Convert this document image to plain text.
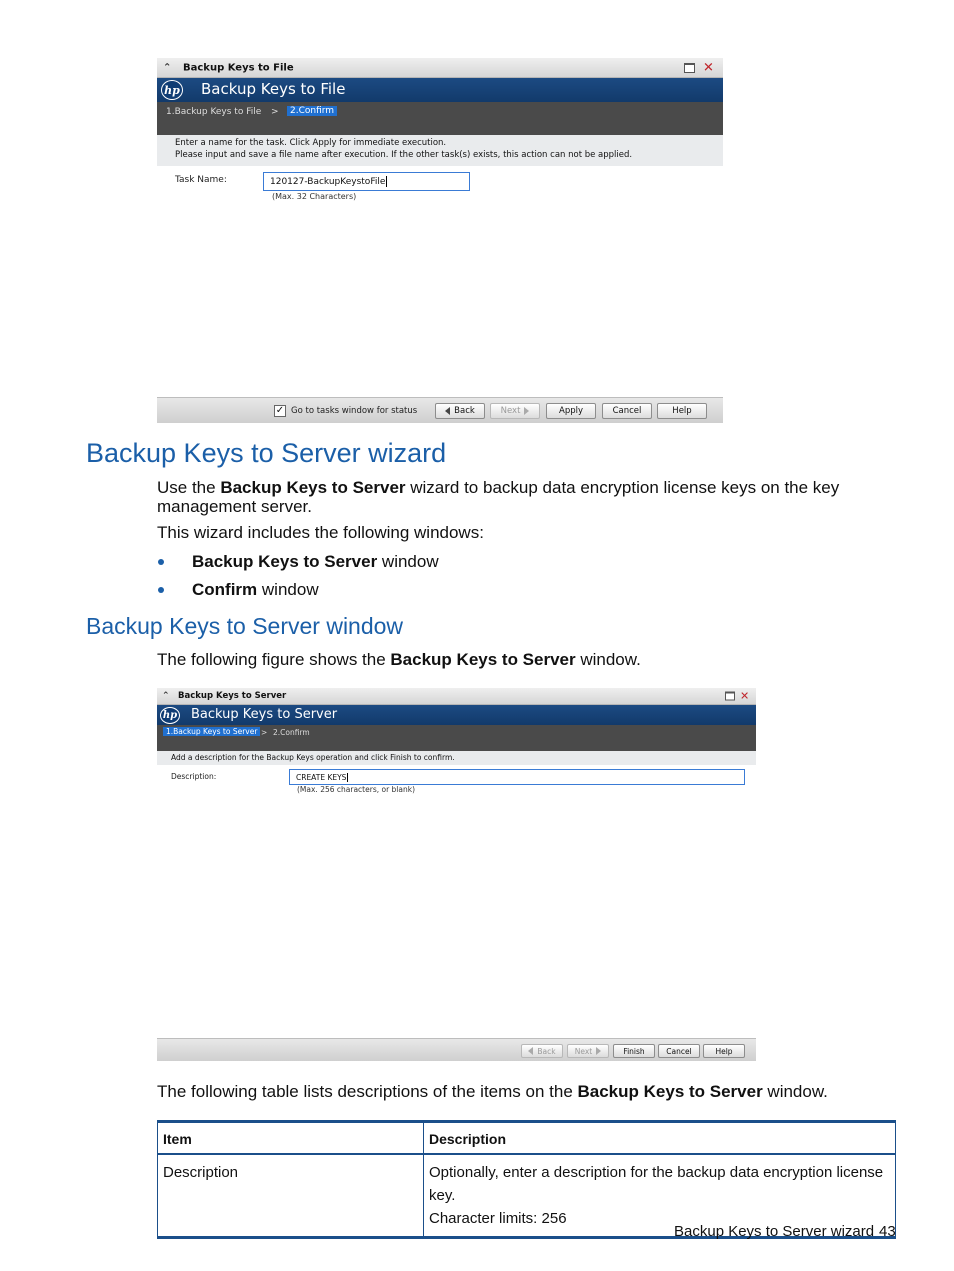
⌃ Backup Keys to File	✕
hp Backup Keys to File
1.Backup Keys to File >	2.Confirm
Enter a name for the task. Click Apply for immediate execution.
Please input and save a file name after execution. If the other task(s) exists, this action can not be applied.
Task Name:	120127-BackupKeystoFile
(Max. 32 Characters)
✓ Go to tasks window for status	Back	Next	Apply	Cancel	Help
Backup Keys to Server wizard
Use the Backup Keys to Server wizard to backup data encryption license keys on the key
management server.
This wizard includes the following windows:
Backup Keys to Server window
Confirm window
Backup Keys to Server window
The following figure shows the Backup Keys to Server window.
⌃ Backup Keys to Server	✕
hp Backup Keys to Server
1.Backup Keys to Server > 2.Confirm
Add a description for the Backup Keys operation and click Finish to confirm.
Description:	CREATE KEYS
(Max. 256 characters, or blank)
Back	Next	Finish	Cancel	Help
The following table lists descriptions of the items on the Backup Keys to Server window.
Item	Description
Description	Optionally, enter a description for the backup data encryption license key.
Character limits: 256
Backup Keys to Server wizard 43
